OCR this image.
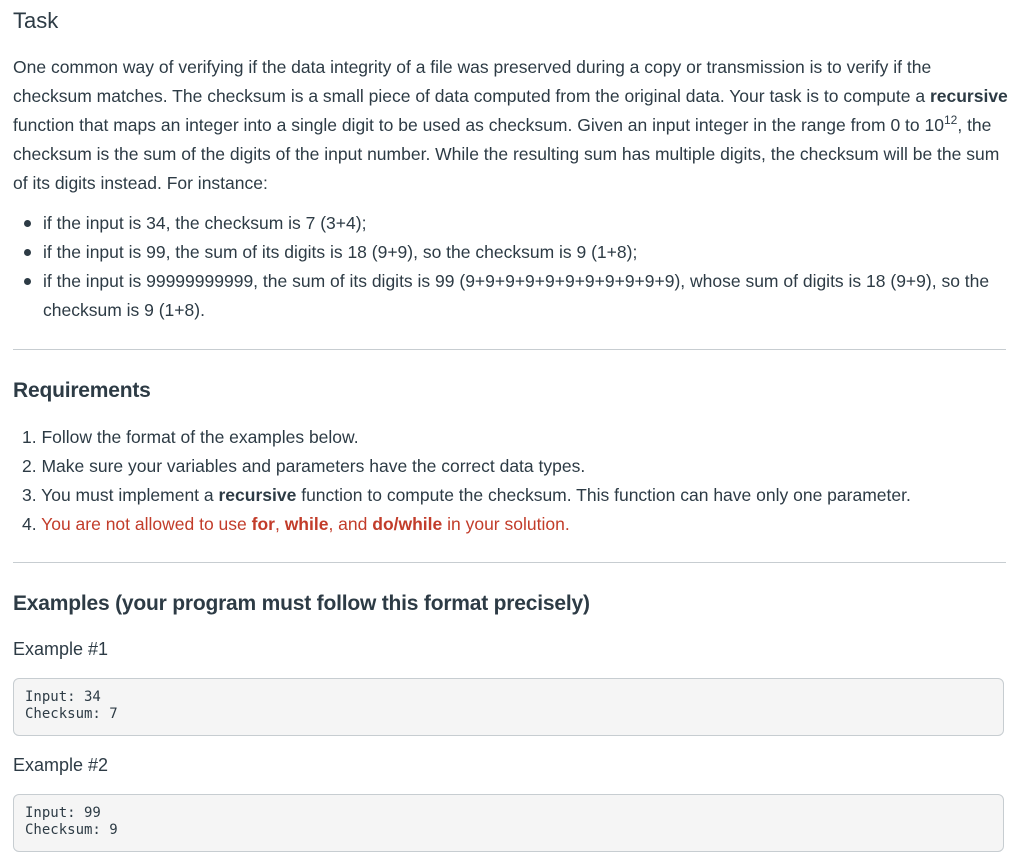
Task

One common way of verifying if the data integrity of a file was preserved during a copy or transmission is to verify if the checksum matches. The checksum is a small piece of data computed from the original data. Your task is to compute a recursive function that maps an integer into a single digit to be used as checksum. Given an input integer in the range from 0 to $10^{12}$, the checksum is the sum of the digits of the input number. While the resulting sum has multiple digits, the checksum will be the sum of its digits instead. For instance:

if the input is 34, the checksum is 7 (3+4);
if the input is 99, the sum of its digits is 18 (9+9), so the checksum is 9 (1+8);
if the input is 99999999999, the sum of its digits is 99 (9+9+9+9+9+9+9+9+9+9+9), whose sum of digits is 18 (9+9), so the checksum is 9 (1+8).
Requirements
1. Follow the format of the examples below.
2. Make sure your variables and parameters have the correct data types.
3. You must implement a recursive function to compute the checksum. This function can have only one parameter.
4. You are not allowed to use for, while, and do/while in your solution.
Examples (your program must follow this format precisely)

Example #1

Input: 34
Checksum: 7

Example #2

Input: 99
Checksum: 9
